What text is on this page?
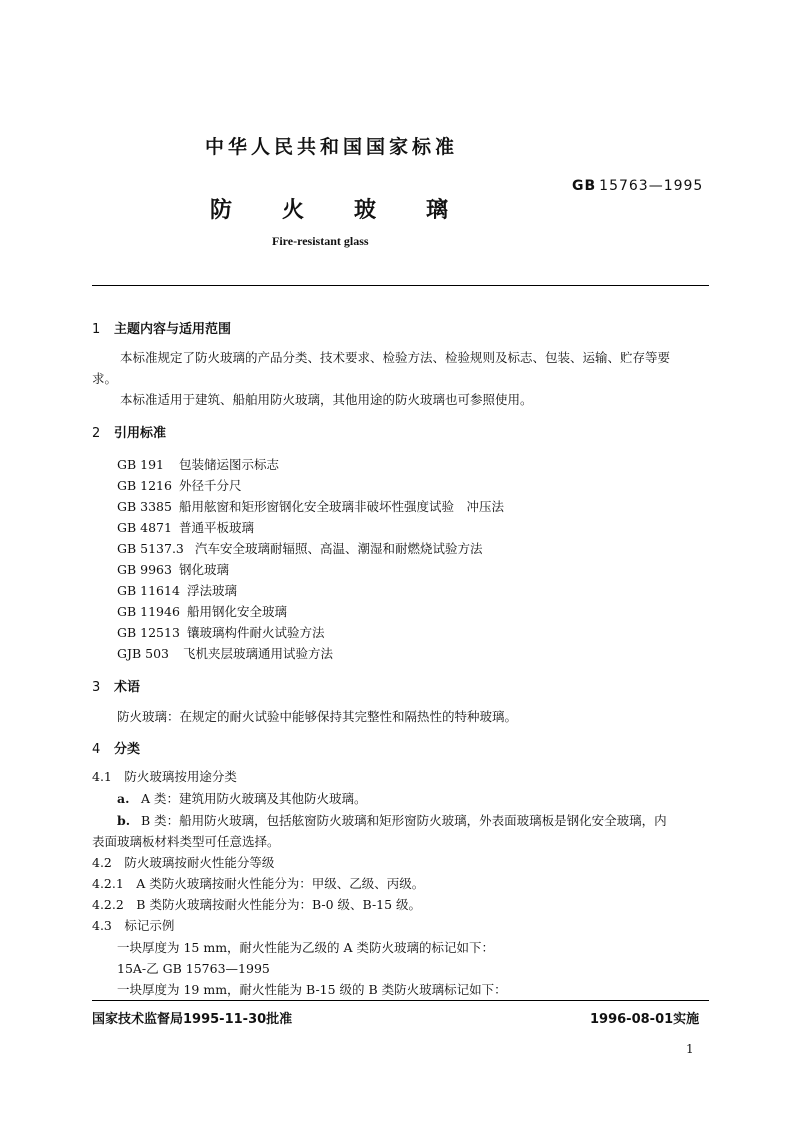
中华人民共和国国家标准
GB 15763—1995
防 火 玻 璃
Fire-resistant glass
1 主题内容与适用范围
本标准规定了防火玻璃的产品分类、技术要求、检验方法、检验规则及标志、包装、运输、贮存等要
求。
本标准适用于建筑、船舶用防火玻璃，其他用途的防火玻璃也可参照使用。
2 引用标准
GB 191 包装储运图示标志
GB 1216 外径千分尺
GB 3385 船用舷窗和矩形窗钢化安全玻璃非破坏性强度试验　冲压法
GB 4871 普通平板玻璃
GB 5137.3 汽车安全玻璃耐辐照、高温、潮湿和耐燃烧试验方法
GB 9963 钢化玻璃
GB 11614 浮法玻璃
GB 11946 船用钢化安全玻璃
GB 12513 镶玻璃构件耐火试验方法
GJB 503 飞机夹层玻璃通用试验方法
3 术语
防火玻璃：在规定的耐火试验中能够保持其完整性和隔热性的特种玻璃。
4 分类
4.1　防火玻璃按用途分类
a. A 类：建筑用防火玻璃及其他防火玻璃。
b. B 类：船用防火玻璃，包括舷窗防火玻璃和矩形窗防火玻璃，外表面玻璃板是钢化安全玻璃，内
表面玻璃板材料类型可任意选择。
4.2　防火玻璃按耐火性能分等级
4.2.1　A 类防火玻璃按耐火性能分为：甲级、乙级、丙级。
4.2.2　B 类防火玻璃按耐火性能分为：B-0 级、B-15 级。
4.3　标记示例
一块厚度为 15 mm，耐火性能为乙级的 A 类防火玻璃的标记如下：
15A-乙 GB 15763—1995
一块厚度为 19 mm，耐火性能为 B-15 级的 B 类防火玻璃标记如下：
国家技术监督局1995-11-30批准	1996-08-01实施
1
